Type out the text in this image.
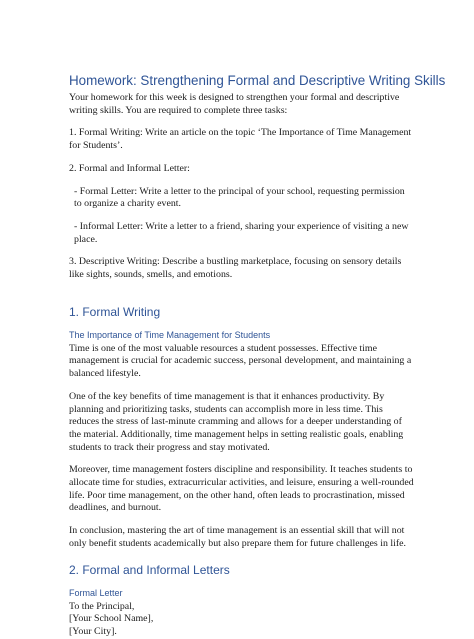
Homework: Strengthening Formal and Descriptive Writing Skills

Your homework for this week is designed to strengthen your formal and descriptive writing skills. You are required to complete three tasks:

1. Formal Writing: Write an article on the topic ‘The Importance of Time Management for Students’.

2. Formal and Informal Letter:

- Formal Letter: Write a letter to the principal of your school, requesting permission to organize a charity event.

- Informal Letter: Write a letter to a friend, sharing your experience of visiting a new place.

3. Descriptive Writing: Describe a bustling marketplace, focusing on sensory details like sights, sounds, smells, and emotions.

1. Formal Writing
The Importance of Time Management for Students

Time is one of the most valuable resources a student possesses. Effective time management is crucial for academic success, personal development, and maintaining a balanced lifestyle.

One of the key benefits of time management is that it enhances productivity. By planning and prioritizing tasks, students can accomplish more in less time. This reduces the stress of last-minute cramming and allows for a deeper understanding of the material. Additionally, time management helps in setting realistic goals, enabling students to track their progress and stay motivated.

Moreover, time management fosters discipline and responsibility. It teaches students to allocate time for studies, extracurricular activities, and leisure, ensuring a well-rounded life. Poor time management, on the other hand, often leads to procrastination, missed deadlines, and burnout.

In conclusion, mastering the art of time management is an essential skill that will not only benefit students academically but also prepare them for future challenges in life.

2. Formal and Informal Letters
Formal Letter
To the Principal,
[Your School Name],
[Your City].
